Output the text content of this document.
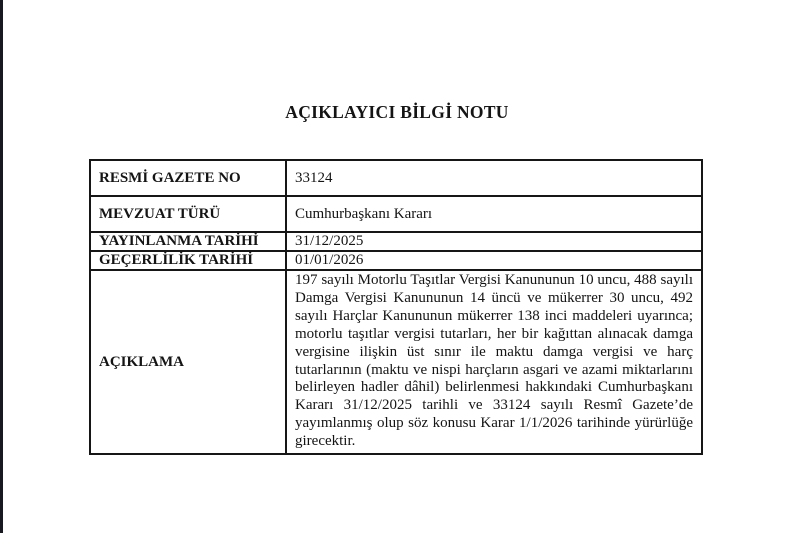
AÇIKLAYICI BİLGİ NOTU
RESMİ GAZETE NO	33124
MEVZUAT TÜRÜ	Cumhurbaşkanı Kararı
YAYINLANMA TARİHİ	31/12/2025
GEÇERLİLİK TARİHİ	01/01/2026
AÇIKLAMA	197 sayılı Motorlu Taşıtlar Vergisi Kanununun 10 uncu, 488 sayılı Damga Vergisi Kanununun 14 üncü ve mükerrer 30 uncu, 492 sayılı Harçlar Kanununun mükerrer 138 inci maddeleri uyarınca; motorlu taşıtlar vergisi tutarları, her bir kağıttan alınacak damga vergisine ilişkin üst sınır ile maktu damga vergisi ve harç tutarlarının (maktu ve nispi harçların asgari ve azami miktarlarını belirleyen hadler dâhil) belirlenmesi hakkındaki Cumhurbaşkanı Kararı 31/12/2025 tarihli ve 33124 sayılı Resmî Gazete’de yayımlanmış olup söz konusu Karar 1/1/2026 tarihinde yürürlüğe girecektir.
